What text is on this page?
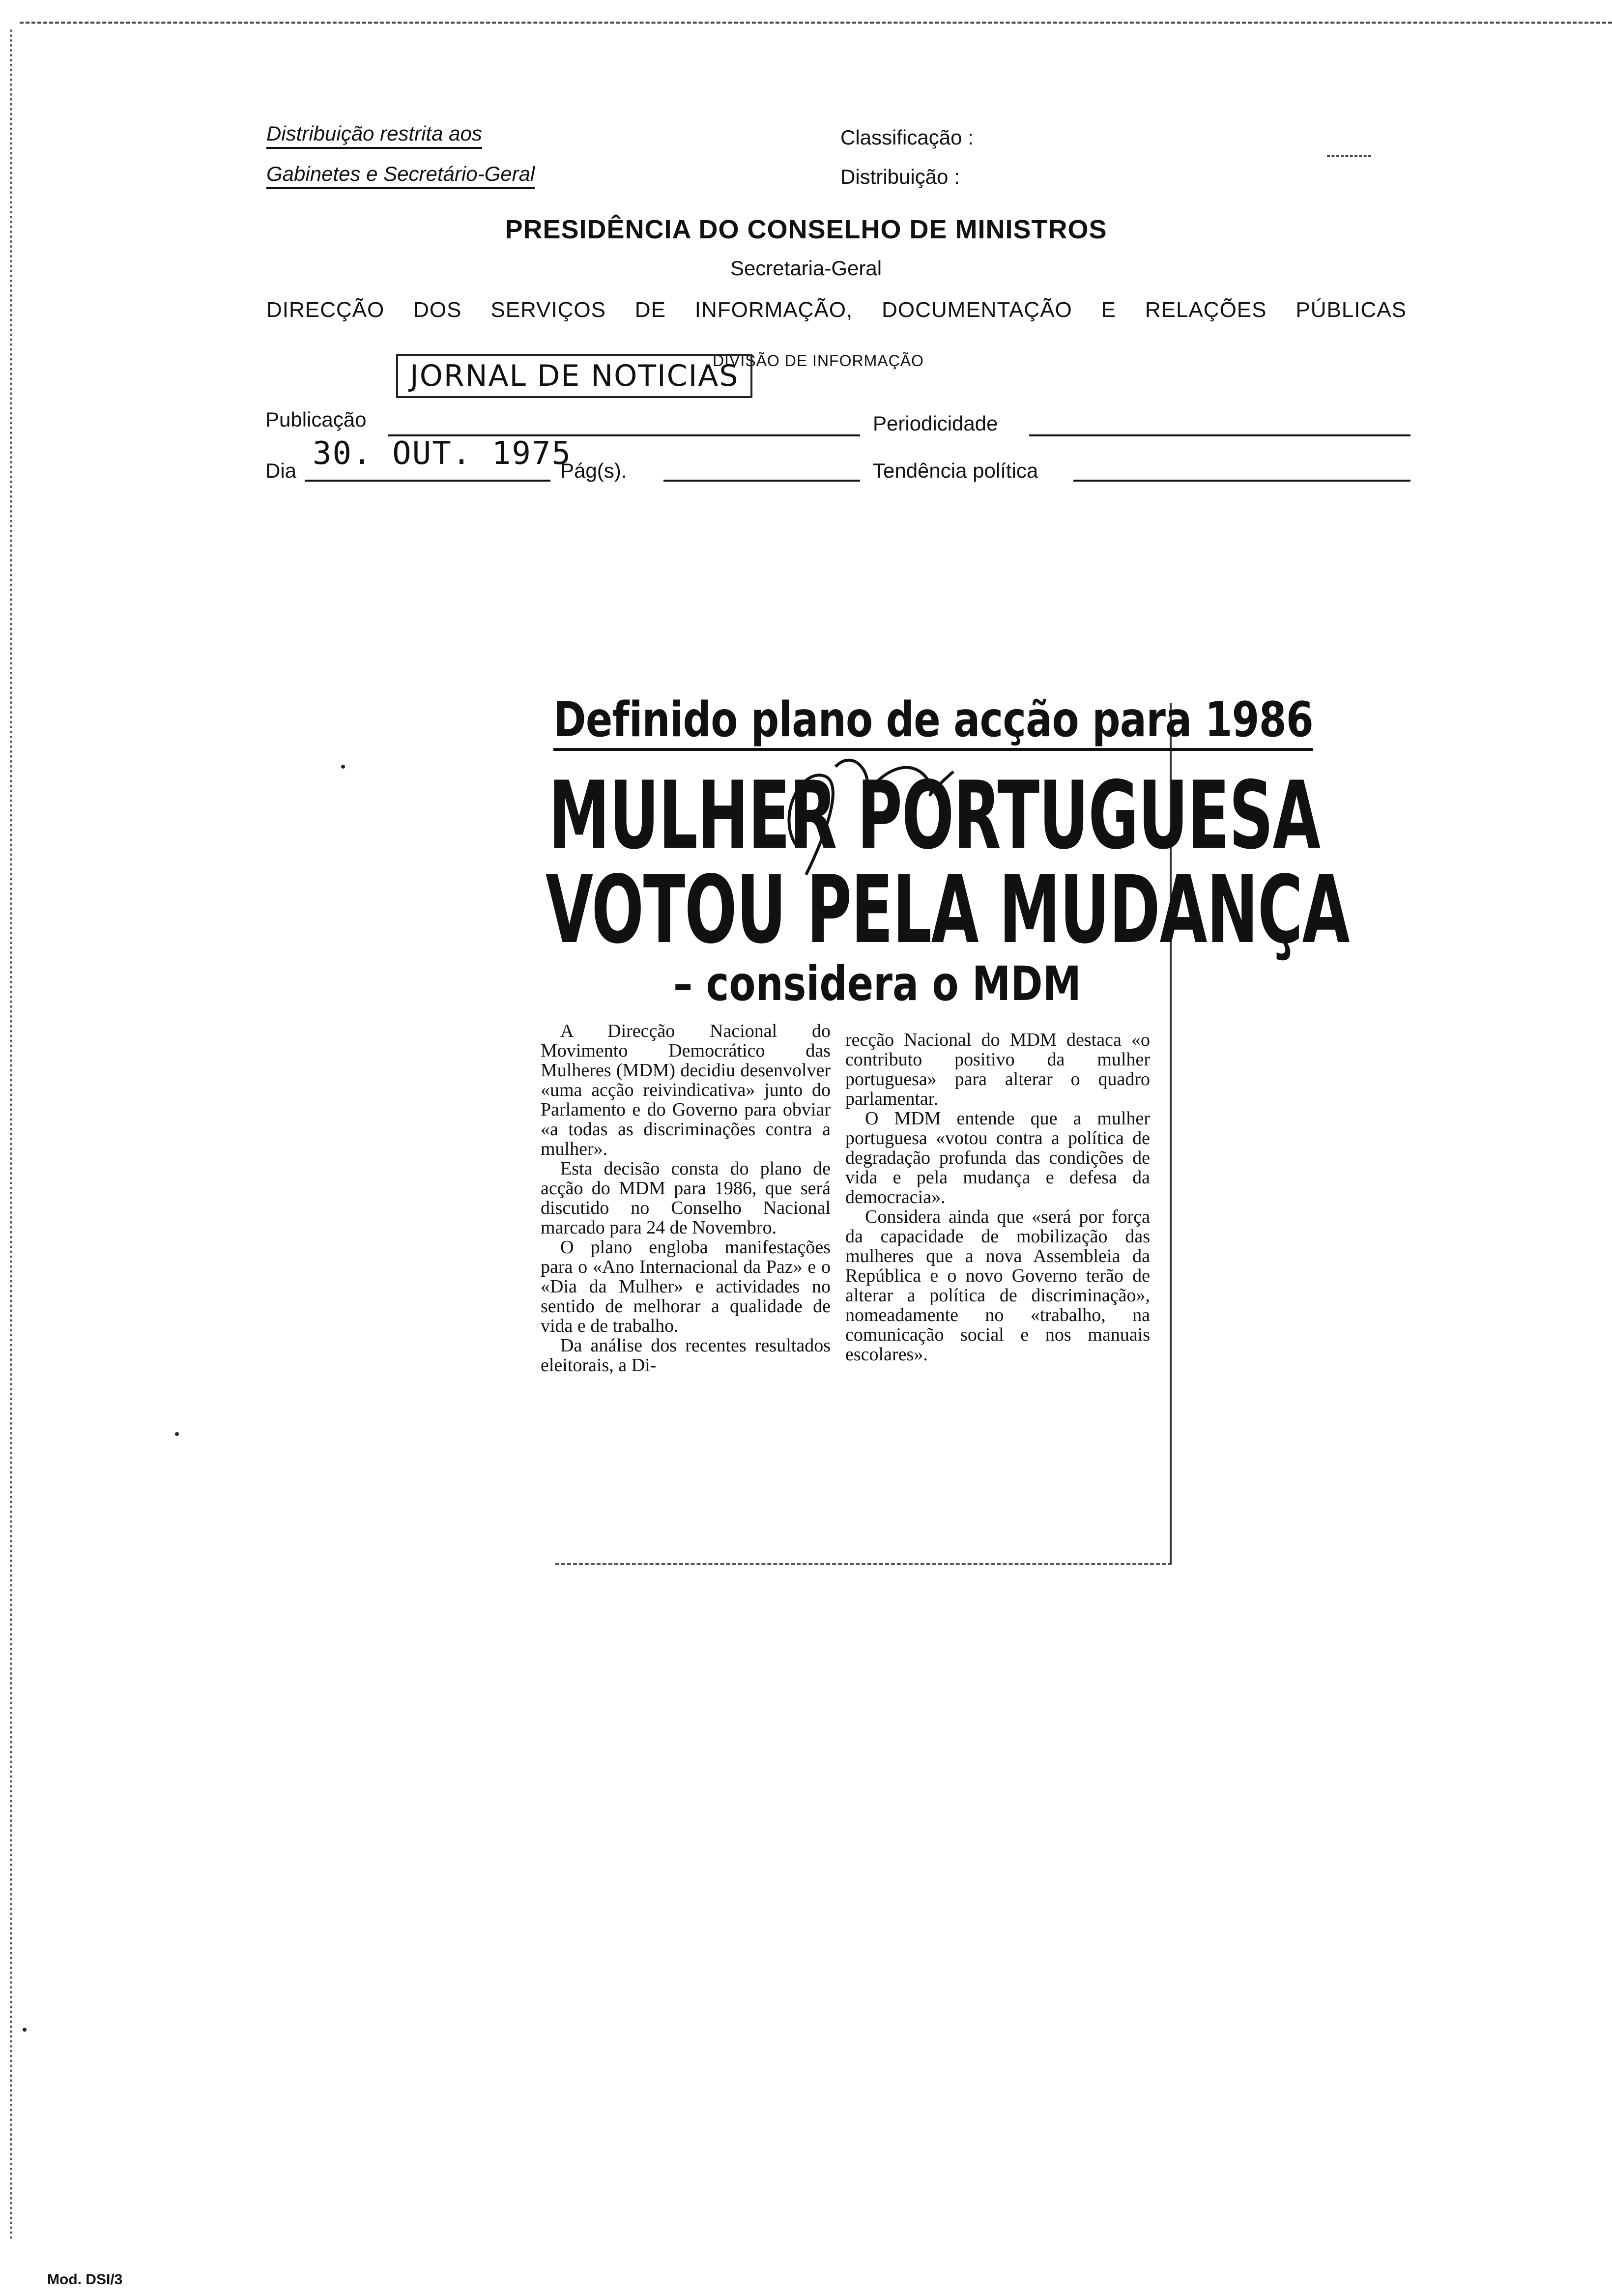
Distribuição restrita aos
Gabinetes e Secretário-Geral
Classificação :
Distribuição :
PRESIDÊNCIA DO CONSELHO DE MINISTROS
Secretaria-Geral
DIRECÇÃO DOS SERVIÇOS DE INFORMAÇÃO, DOCUMENTAÇÃO E RELAÇÕES PÚBLICAS
DIVISÃO DE INFORMAÇÃO
JORNAL DE NOTICIAS
Publicação	Periodicidade
Dia 30. OUT. 1975
Pág(s).	Tendência política
Definido plano de acção para 1986
MULHER PORTUGUESA
VOTOU PELA MUDANÇA
– considera o MDM

A Direcção Nacional do Movimento Democrático das Mulheres (MDM) decidiu desenvolver «uma acção reivindicativa» junto do Parlamento e do Governo para obviar «a todas as discriminações contra a mulher».

Esta decisão consta do plano de acção do MDM para 1986, que será discutido no Conselho Nacional marcado para 24 de Novembro.

O plano engloba manifestações para o «Ano Internacional da Paz» e o «Dia da Mulher» e actividades no sentido de melhorar a qualidade de vida e de trabalho.

Da análise dos recentes resultados eleitorais, a Di-

recção Nacional do MDM destaca «o contributo positivo da mulher portuguesa» para alterar o quadro parlamentar.

O MDM entende que a mulher portuguesa «votou contra a política de degradação profunda das condições de vida e pela mudança e defesa da democracia».

Considera ainda que «será por força da capacidade de mobilização das mulheres que a nova Assembleia da República e o novo Governo terão de alterar a política de discriminação», nomeadamente no «trabalho, na comunicação social e nos manuais escolares».

Mod. DSI/3
